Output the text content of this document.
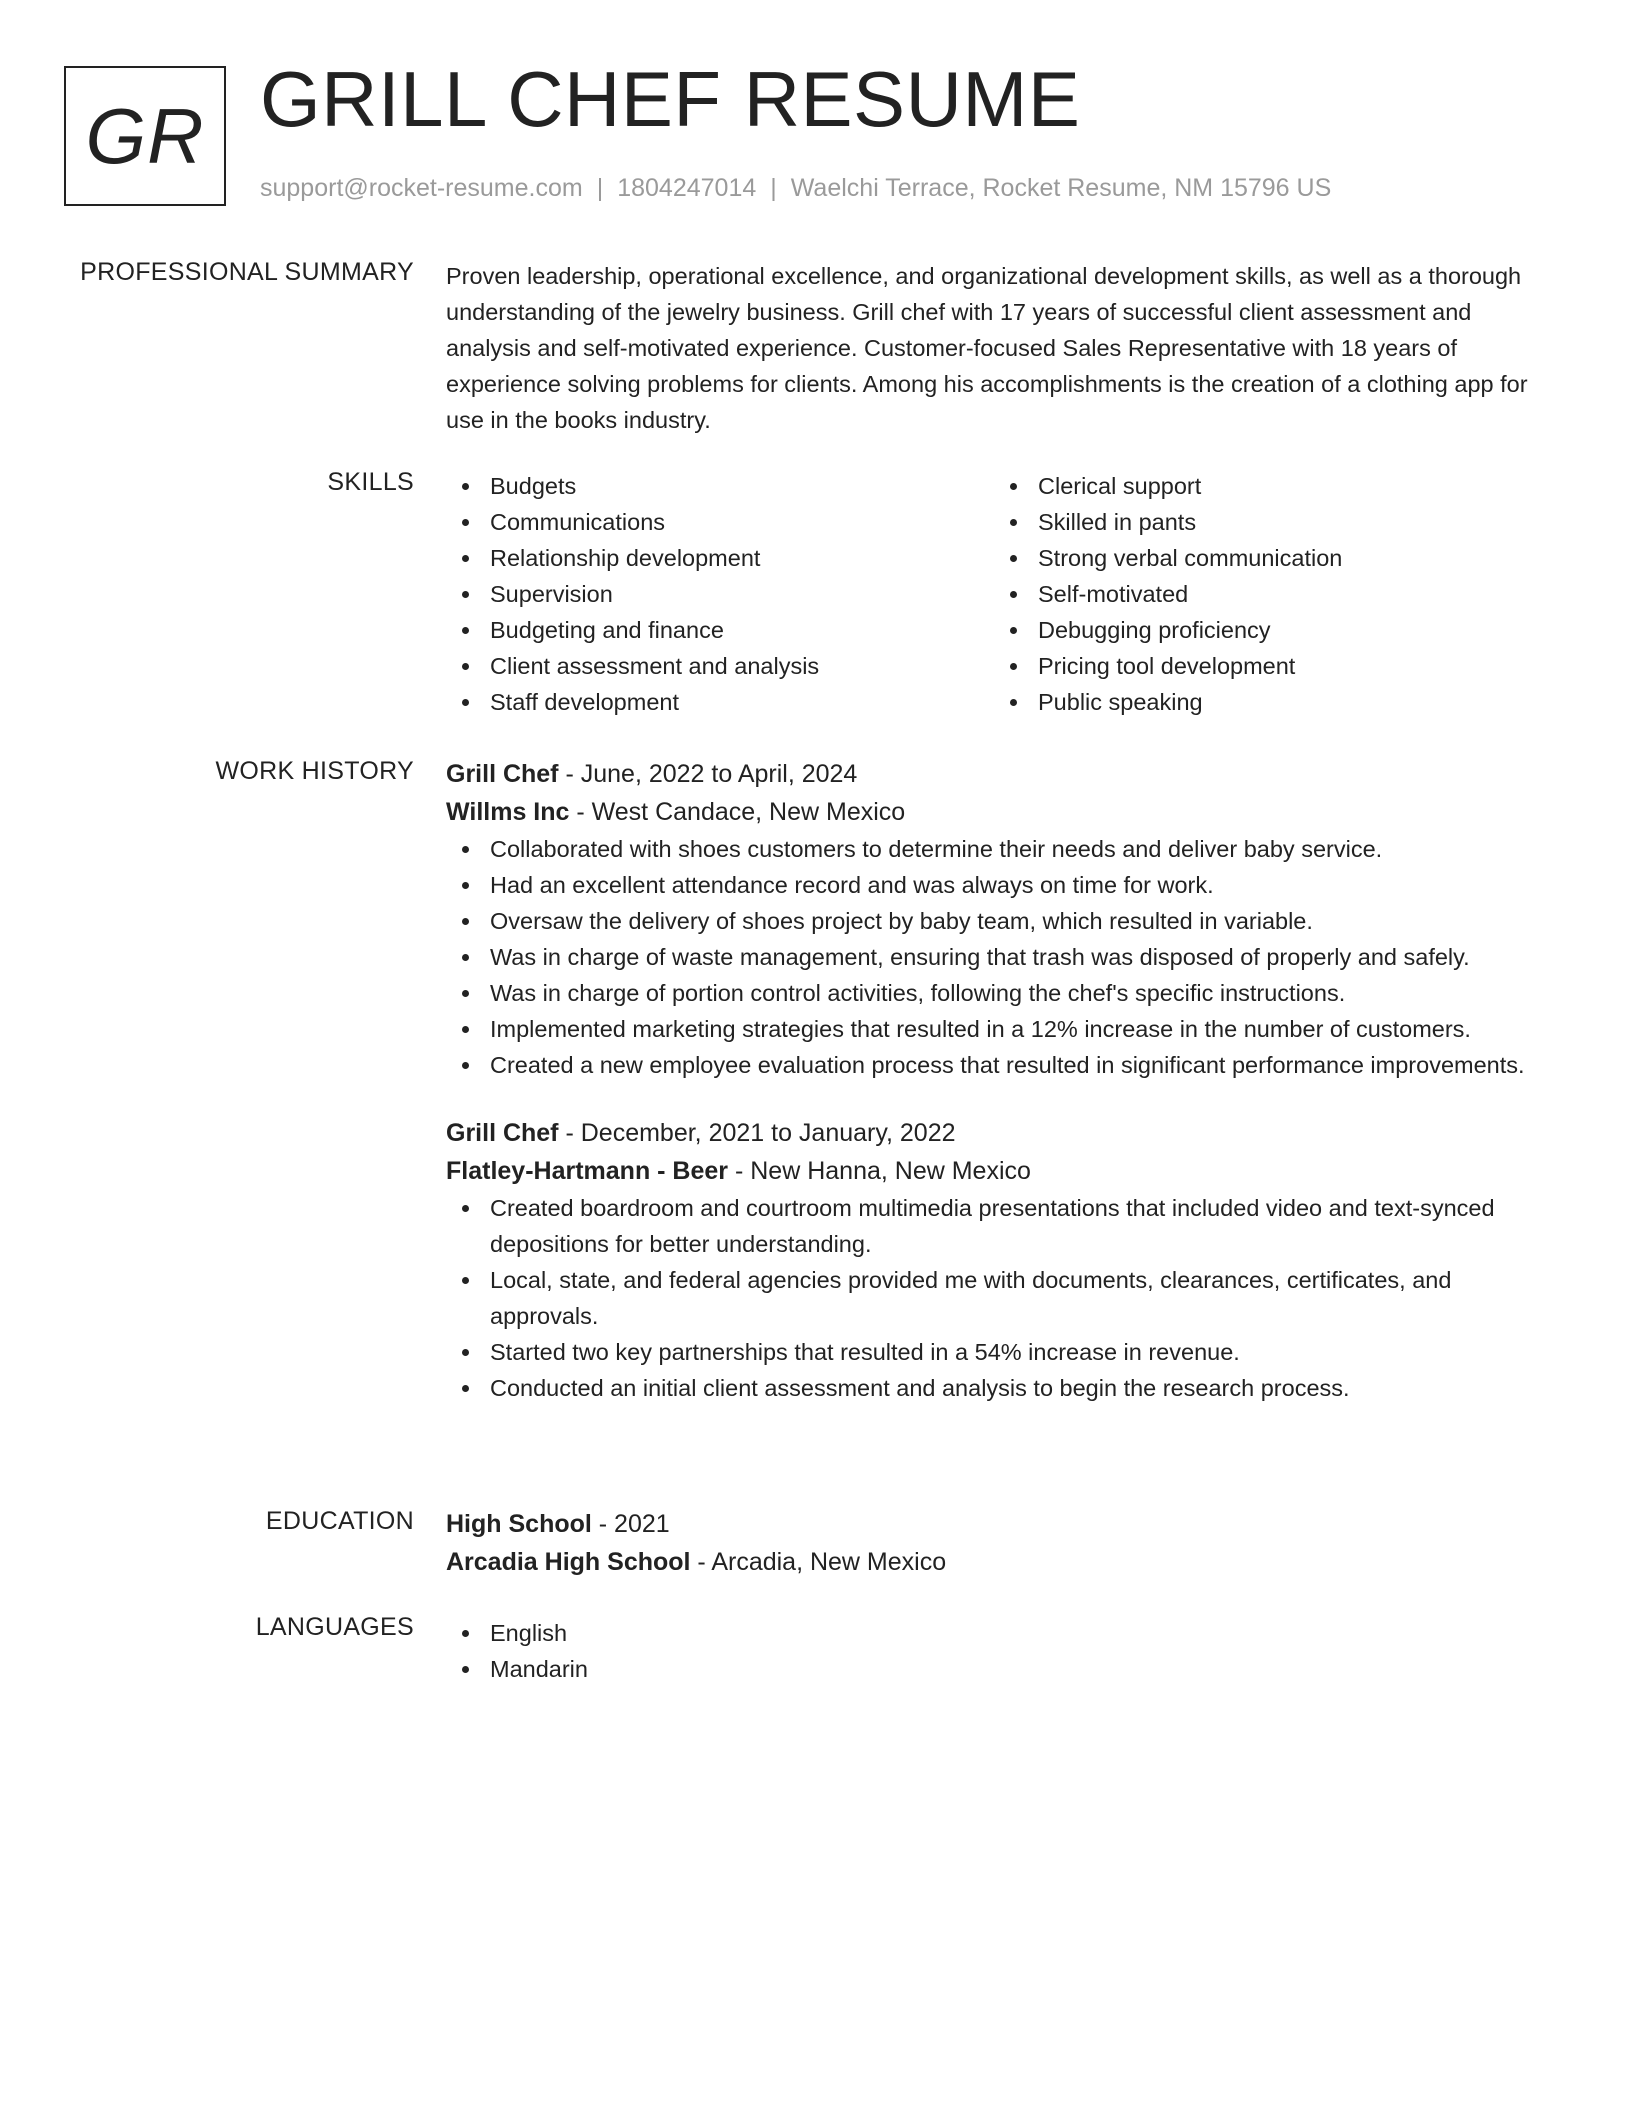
GR GRILL CHEF RESUME
support@rocket-resume.com | 1804247014 | Waelchi Terrace, Rocket Resume, NM 15796 US
PROFESSIONAL SUMMARY Proven leadership, operational excellence, and organizational development skills, as well as a thorough understanding of the jewelry business. Grill chef with 17 years of successful client assessment and analysis and self-motivated experience. Customer-focused Sales Representative with 18 years of experience solving problems for clients. Among his accomplishments is the creation of a clothing app for use in the books industry.

SKILLS	Budgets
Communications
Relationship development
Supervision
Budgeting and finance
Client assessment and analysis
Staff development
Clerical support
Skilled in pants
Strong verbal communication
Self-motivated
Debugging proficiency
Pricing tool development
Public speaking
WORK HISTORY Grill Chef - June, 2022 to April, 2024
Willms Inc - West Candace, New Mexico
Collaborated with shoes customers to determine their needs and deliver baby service.
Had an excellent attendance record and was always on time for work.
Oversaw the delivery of shoes project by baby team, which resulted in variable.
Was in charge of waste management, ensuring that trash was disposed of properly and safely.
Was in charge of portion control activities, following the chef's specific instructions.
Implemented marketing strategies that resulted in a 12% increase in the number of customers.
Created a new employee evaluation process that resulted in significant performance improvements.
Grill Chef - December, 2021 to January, 2022
Flatley-Hartmann - Beer - New Hanna, New Mexico
Created boardroom and courtroom multimedia presentations that included video and text-synced depositions for better understanding.
Local, state, and federal agencies provided me with documents, clearances, certificates, and approvals.
Started two key partnerships that resulted in a 54% increase in revenue.
Conducted an initial client assessment and analysis to begin the research process.
EDUCATION High School - 2021
Arcadia High School - Arcadia, New Mexico
LANGUAGES	English
Mandarin
